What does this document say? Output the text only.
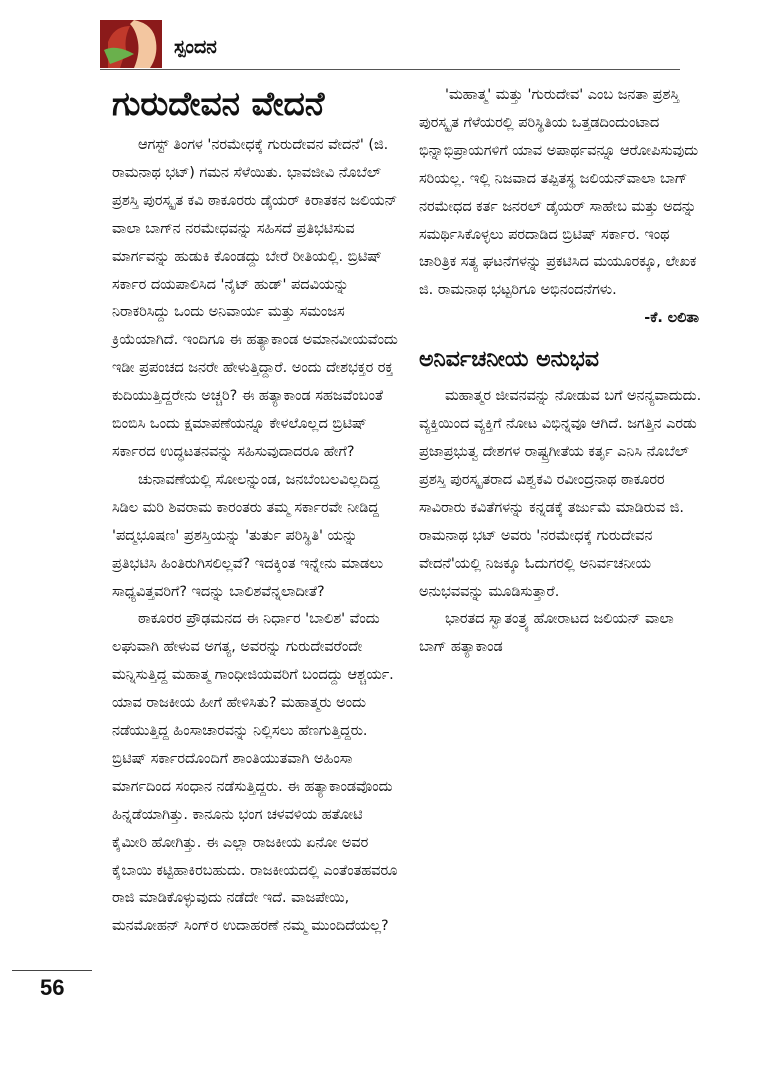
ಸ್ಪಂದನ
ಗುರುದೇವನ ವೇದನೆ

ಆಗಸ್ಟ್ ತಿಂಗಳ 'ನರಮೇಧಕ್ಕೆ ಗುರುದೇವನ ವೇದನೆ' (ಜಿ. ರಾಮನಾಥ ಭಟ್) ಗಮನ ಸೆಳೆಯಿತು. ಭಾವಜೀವಿ ನೊಬೆಲ್ ಪ್ರಶಸ್ತಿ ಪುರಸ್ಕೃತ ಕವಿ ಠಾಕೂರರು ಡೈಯರ್ ಕಿರಾತಕನ ಜಲಿಯನ್ ವಾಲಾ ಬಾಗ್‌ನ ನರಮೇಧವನ್ನು ಸಹಿಸದೆ ಪ್ರತಿಭಟಿಸುವ ಮಾರ್ಗವನ್ನು ಹುಡುಕಿ ಕೊಂಡದ್ದು ಬೇರೆ ರೀತಿಯಲ್ಲಿ. ಬ್ರಿಟಿಷ್ ಸರ್ಕಾರ ದಯಪಾಲಿಸಿದ 'ನೈಟ್ ಹುಡ್' ಪದವಿಯನ್ನು ನಿರಾಕರಿಸಿದ್ದು ಒಂದು ಅನಿವಾರ್ಯ ಮತ್ತು ಸಮಂಜಸ ಕ್ರಿಯೆಯಾಗಿದೆ. ಇಂದಿಗೂ ಈ ಹತ್ಯಾಕಾಂಡ ಅಮಾನವೀಯವೆಂದು ಇಡೀ ಪ್ರಪಂಚದ ಜನರೇ ಹೇಳುತ್ತಿದ್ದಾರೆ. ಅಂದು ದೇಶಭಕ್ತರ ರಕ್ತ ಕುದಿಯುತ್ತಿದ್ದರೇನು ಅಚ್ಚರಿ? ಈ ಹತ್ಯಾಕಾಂಡ ಸಹಜವೆಂಬಂತೆ ಬಿಂಬಿಸಿ ಒಂದು ಕ್ಷಮಾಪಣೆಯನ್ನೂ ಕೇಳಲೊಲ್ಲದ ಬ್ರಿಟಿಷ್ ಸರ್ಕಾರದ ಉದ್ಧಟತನವನ್ನು ಸಹಿಸುವುದಾದರೂ ಹೇಗೆ?

ಚುನಾವಣೆಯಲ್ಲಿ ಸೋಲನ್ನುಂಡ, ಜನಬೆಂಬಲವಿಲ್ಲದಿದ್ದ ಸಿಡಿಲ ಮರಿ ಶಿವರಾಮ ಕಾರಂತರು ತಮ್ಮ ಸರ್ಕಾರವೇ ನೀಡಿದ್ದ 'ಪದ್ಮಭೂಷಣ' ಪ್ರಶಸ್ತಿಯನ್ನು 'ತುರ್ತು ಪರಿಸ್ಥಿತಿ' ಯನ್ನು ಪ್ರತಿಭಟಿಸಿ ಹಿಂತಿರುಗಿಸಲಿಲ್ಲವೆ? ಇದಕ್ಕಿಂತ ಇನ್ನೇನು ಮಾಡಲು ಸಾಧ್ಯವಿತ್ತವರಿಗೆ? ಇದನ್ನು ಬಾಲಿಶವೆನ್ನಲಾದೀತೆ?

ಠಾಕೂರರ ಪ್ರೌಢಮನದ ಈ ನಿರ್ಧಾರ 'ಬಾಲಿಶ' ವೆಂದು ಲಘುವಾಗಿ ಹೇಳುವ ಅಗತ್ಯ, ಅವರನ್ನು ಗುರುದೇವರೆಂದೇ ಮನ್ನಿಸುತ್ತಿದ್ದ ಮಹಾತ್ಮ ಗಾಂಧೀಜಿಯವರಿಗೆ ಬಂದದ್ದು ಆಶ್ಚರ್ಯ. ಯಾವ ರಾಜಕೀಯ ಹೀಗೆ ಹೇಳಿಸಿತು? ಮಹಾತ್ಮರು ಅಂದು ನಡೆಯುತ್ತಿದ್ದ ಹಿಂಸಾಚಾರವನ್ನು ನಿಲ್ಲಿಸಲು ಹೆಣಗುತ್ತಿದ್ದರು. ಬ್ರಿಟಿಷ್ ಸರ್ಕಾರದೊಂದಿಗೆ ಶಾಂತಿಯುತವಾಗಿ ಅಹಿಂಸಾ ಮಾರ್ಗದಿಂದ ಸಂಧಾನ ನಡೆಸುತ್ತಿದ್ದರು. ಈ ಹತ್ಯಾಕಾಂಡವೊಂದು ಹಿನ್ನಡೆಯಾಗಿತ್ತು. ಕಾನೂನು ಭಂಗ ಚಳವಳಿಯ ಹತೋಟಿ ಕೈಮೀರಿ ಹೋಗಿತ್ತು. ಈ ಎಲ್ಲಾ ರಾಜಕೀಯ ಏನೋ ಅವರ ಕೈಬಾಯಿ ಕಟ್ಟಿಹಾಕಿರಬಹುದು. ರಾಜಕೀಯದಲ್ಲಿ ಎಂತೆಂತಹವರೂ ರಾಜಿ ಮಾಡಿಕೊಳ್ಳುವುದು ನಡೆದೇ ಇದೆ. ವಾಜಪೇಯಿ, ಮನಮೋಹನ್ ಸಿಂಗ್‌ರ ಉದಾಹರಣೆ ನಮ್ಮ ಮುಂದಿದೆಯಲ್ಲ?

'ಮಹಾತ್ಮ' ಮತ್ತು 'ಗುರುದೇವ' ಎಂಬ ಜನತಾ ಪ್ರಶಸ್ತಿ ಪುರಸ್ಕೃತ ಗೆಳೆಯರಲ್ಲಿ ಪರಿಸ್ಥಿತಿಯ ಒತ್ತಡದಿಂದುಂಟಾದ ಭಿನ್ನಾಭಿಪ್ರಾಯಗಳಿಗೆ ಯಾವ ಅಪಾರ್ಥವನ್ನೂ ಆರೋಪಿಸುವುದು ಸರಿಯಲ್ಲ. ಇಲ್ಲಿ ನಿಜವಾದ ತಪ್ಪಿತಸ್ಥ ಜಲಿಯನ್‌ವಾಲಾ ಬಾಗ್ ನರಮೇಧದ ಕರ್ತ ಜನರಲ್ ಡೈಯರ್ ಸಾಹೇಬ ಮತ್ತು ಅದನ್ನು ಸಮರ್ಥಿಸಿಕೊಳ್ಳಲು ಪರದಾಡಿದ ಬ್ರಿಟಿಷ್ ಸರ್ಕಾರ. ಇಂಥ ಚಾರಿತ್ರಿಕ ಸತ್ಯ ಘಟನೆಗಳನ್ನು ಪ್ರಕಟಿಸಿದ ಮಯೂರಕ್ಕೂ, ಲೇಖಕ ಜಿ. ರಾಮನಾಥ ಭಟ್ಟರಿಗೂ ಅಭಿನಂದನೆಗಳು.

-ಕೆ. ಲಲಿತಾ
ಅನಿರ್ವಚನೀಯ ಅನುಭವ

ಮಹಾತ್ಮರ ಜೀವನವನ್ನು ನೋಡುವ ಬಗೆ ಅನನ್ಯವಾದುದು. ವ್ಯಕ್ತಿಯಿಂದ ವ್ಯಕ್ತಿಗೆ ನೋಟ ವಿಭಿನ್ನವೂ ಆಗಿದೆ. ಜಗತ್ತಿನ ಎರಡು ಪ್ರಜಾಪ್ರಭುತ್ವ ದೇಶಗಳ ರಾಷ್ಟ್ರಗೀತೆಯ ಕರ್ತೃ ಎನಿಸಿ ನೊಬೆಲ್ ಪ್ರಶಸ್ತಿ ಪುರಸ್ಕೃತರಾದ ವಿಶ್ವಕವಿ ರವೀಂದ್ರನಾಥ ಠಾಕೂರರ ಸಾವಿರಾರು ಕವಿತೆಗಳನ್ನು ಕನ್ನಡಕ್ಕೆ ತರ್ಜುಮೆ ಮಾಡಿರುವ ಜಿ. ರಾಮನಾಥ ಭಟ್ ಅವರು 'ನರಮೇಧಕ್ಕೆ ಗುರುದೇವನ ವೇದನೆ'ಯಲ್ಲಿ ನಿಜಕ್ಕೂ ಓದುಗರಲ್ಲಿ ಅನಿರ್ವಚನೀಯ ಅನುಭವವನ್ನು ಮೂಡಿಸುತ್ತಾರೆ.

ಭಾರತದ ಸ್ವಾತಂತ್ರ್ಯ ಹೋರಾಟದ ಜಲಿಯನ್ ವಾಲಾ ಬಾಗ್ ಹತ್ಯಾಕಾಂಡ

56
